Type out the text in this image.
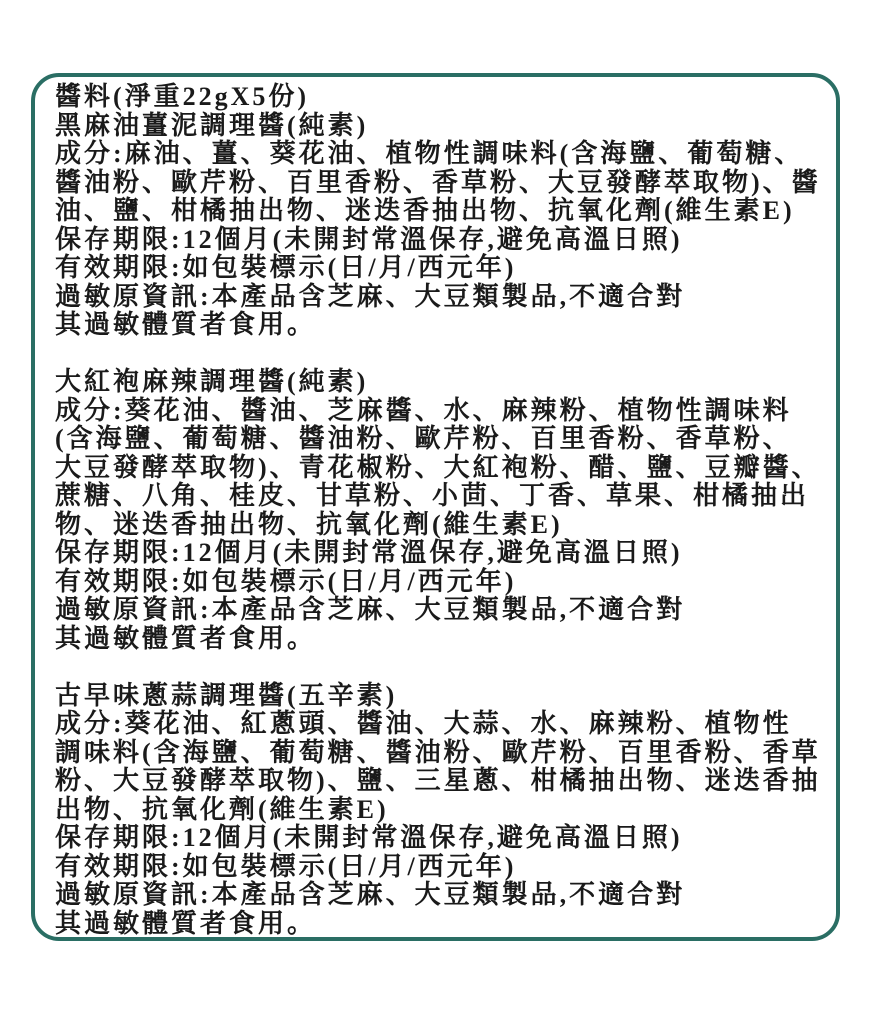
醬料(淨重22gX5份)
黑麻油薑泥調理醬(純素)
成分:麻油、薑、葵花油、植物性調味料(含海鹽、葡萄糖、
醬油粉、歐芹粉、百里香粉、香草粉、大豆發酵萃取物)、醬
油、鹽、柑橘抽出物、迷迭香抽出物、抗氧化劑(維生素E)
保存期限:12個月(未開封常溫保存,避免高溫日照)
有效期限:如包裝標示(日/月/西元年)
過敏原資訊:本產品含芝麻、大豆類製品,不適合對
其過敏體質者食用。
大紅袍麻辣調理醬(純素)
成分:葵花油、醬油、芝麻醬、水、麻辣粉、植物性調味料
(含海鹽、葡萄糖、醬油粉、歐芹粉、百里香粉、香草粉、
大豆發酵萃取物)、青花椒粉、大紅袍粉、醋、鹽、豆瓣醬、
蔗糖、八角、桂皮、甘草粉、小茴、丁香、草果、柑橘抽出
物、迷迭香抽出物、抗氧化劑(維生素E)
保存期限:12個月(未開封常溫保存,避免高溫日照)
有效期限:如包裝標示(日/月/西元年)
過敏原資訊:本產品含芝麻、大豆類製品,不適合對
其過敏體質者食用。
古早味蔥蒜調理醬(五辛素)
成分:葵花油、紅蔥頭、醬油、大蒜、水、麻辣粉、植物性
調味料(含海鹽、葡萄糖、醬油粉、歐芹粉、百里香粉、香草
粉、大豆發酵萃取物)、鹽、三星蔥、柑橘抽出物、迷迭香抽
出物、抗氧化劑(維生素E)
保存期限:12個月(未開封常溫保存,避免高溫日照)
有效期限:如包裝標示(日/月/西元年)
過敏原資訊:本產品含芝麻、大豆類製品,不適合對
其過敏體質者食用。
